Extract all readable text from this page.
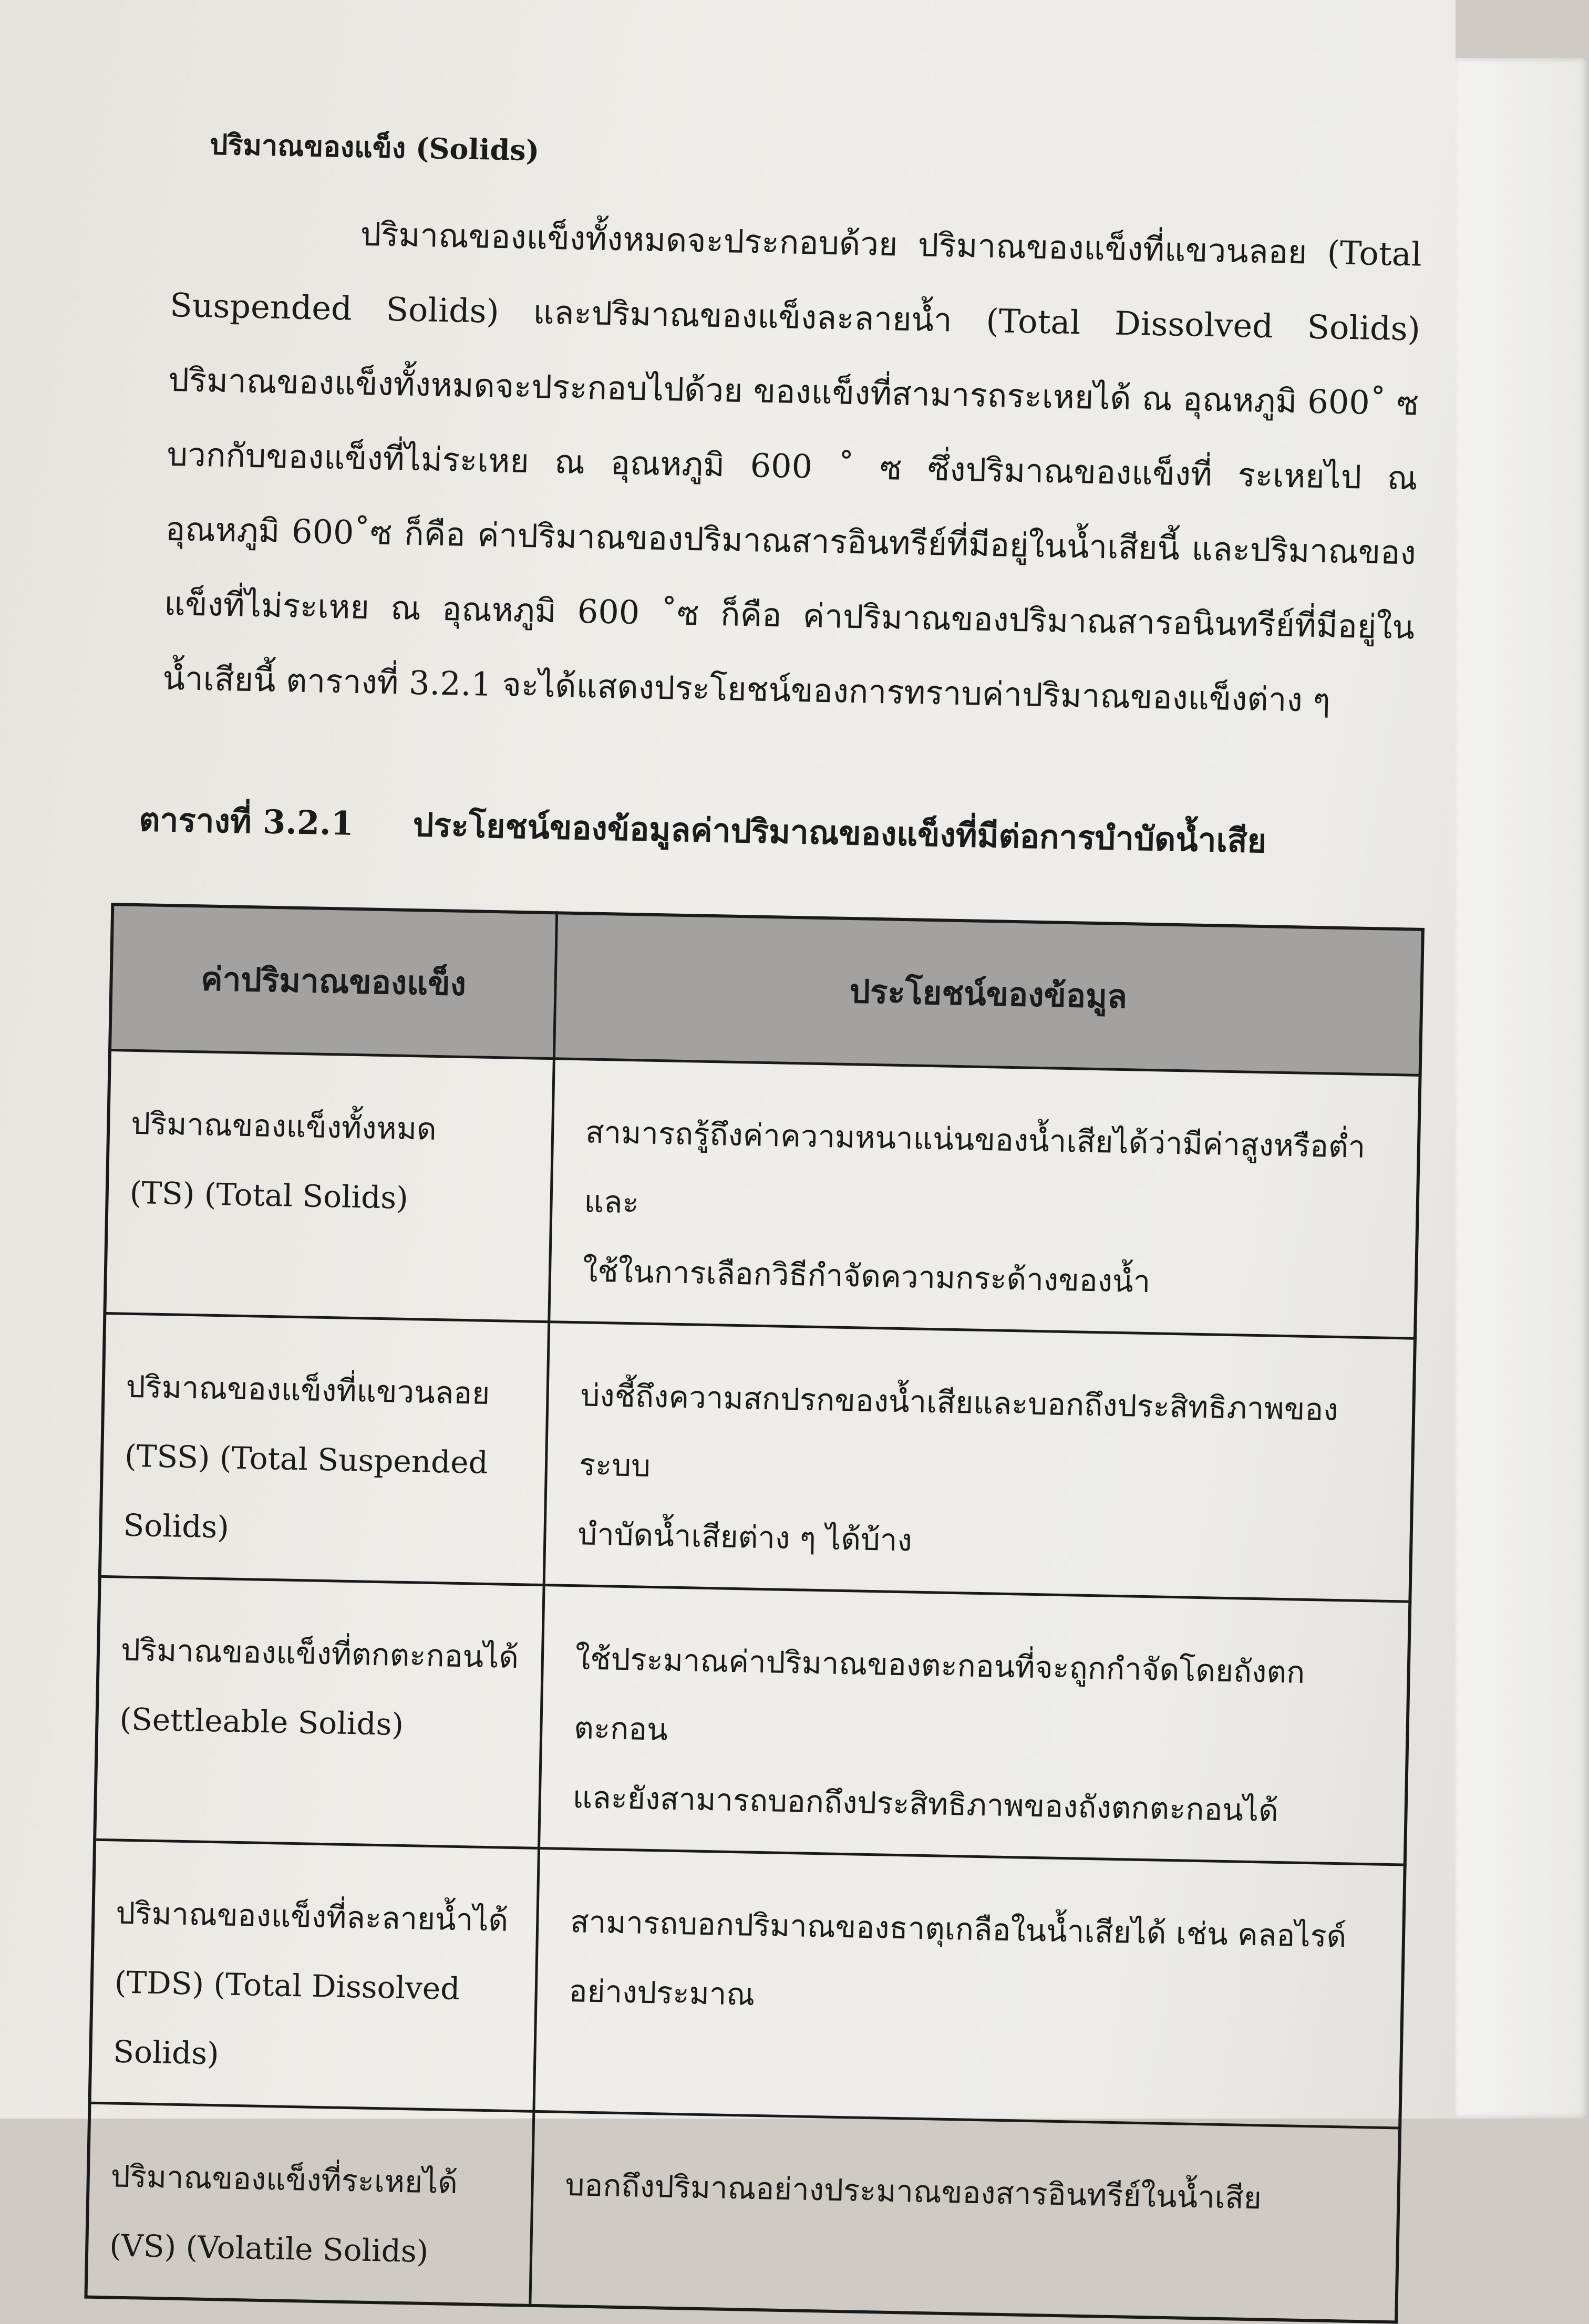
ปริมาณของแข็ง (Solids)

ปริมาณของแข็งทั้งหมดจะประกอบด้วย ปริมาณของแข็งที่แขวนลอย (Total
Suspended Solids) และปริมาณของแข็งละลายน้ำ (Total Dissolved Solids)
ปริมาณของแข็งทั้งหมดจะประกอบไปด้วย ของแข็งที่สามารถระเหยได้ ณ อุณหภูมิ 600˚ ซ
บวกกับของแข็งที่ไม่ระเหย ณ อุณหภูมิ 600 ˚ ซ ซึ่งปริมาณของแข็งที่ ระเหยไป ณ
อุณหภูมิ 600˚ซ ก็คือ ค่าปริมาณของปริมาณสารอินทรีย์ที่มีอยู่ในน้ำเสียนี้ และปริมาณของ
แข็งที่ไม่ระเหย ณ อุณหภูมิ 600 ˚ซ ก็คือ ค่าปริมาณของปริมาณสารอนินทรีย์ที่มีอยู่ใน
น้ำเสียนี้ ตารางที่ 3.2.1 จะได้แสดงประโยชน์ของการทราบค่าปริมาณของแข็งต่าง ๆ

ตารางที่ 3.2.1 ประโยชน์ของข้อมูลค่าปริมาณของแข็งที่มีต่อการบำบัดน้ำเสีย
ค่าปริมาณของแข็ง	ประโยชน์ของข้อมูล

ปริมาณของแข็งทั้งหมด
(TS) (Total Solids)	สามารถรู้ถึงค่าความหนาแน่นของน้ำเสียได้ว่ามีค่าสูงหรือต่ำ และ
ใช้ในการเลือกวิธีกำจัดความกระด้างของน้ำ

ปริมาณของแข็งที่แขวนลอย
(TSS) (Total Suspended Solids)	บ่งชี้ถึงความสกปรกของน้ำเสียและบอกถึงประสิทธิภาพของระบบ
บำบัดน้ำเสียต่าง ๆ ได้บ้าง

ปริมาณของแข็งที่ตกตะกอนได้
(Settleable Solids)	ใช้ประมาณค่าปริมาณของตะกอนที่จะถูกกำจัดโดยถังตกตะกอน
และยังสามารถบอกถึงประสิทธิภาพของถังตกตะกอนได้

ปริมาณของแข็งที่ละลายน้ำได้
(TDS) (Total Dissolved Solids)	สามารถบอกปริมาณของธาตุเกลือในน้ำเสียได้ เช่น คลอไรด์
อย่างประมาณ

ปริมาณของแข็งที่ระเหยได้
(VS) (Volatile Solids)	บอกถึงปริมาณอย่างประมาณของสารอินทรีย์ในน้ำเสีย
